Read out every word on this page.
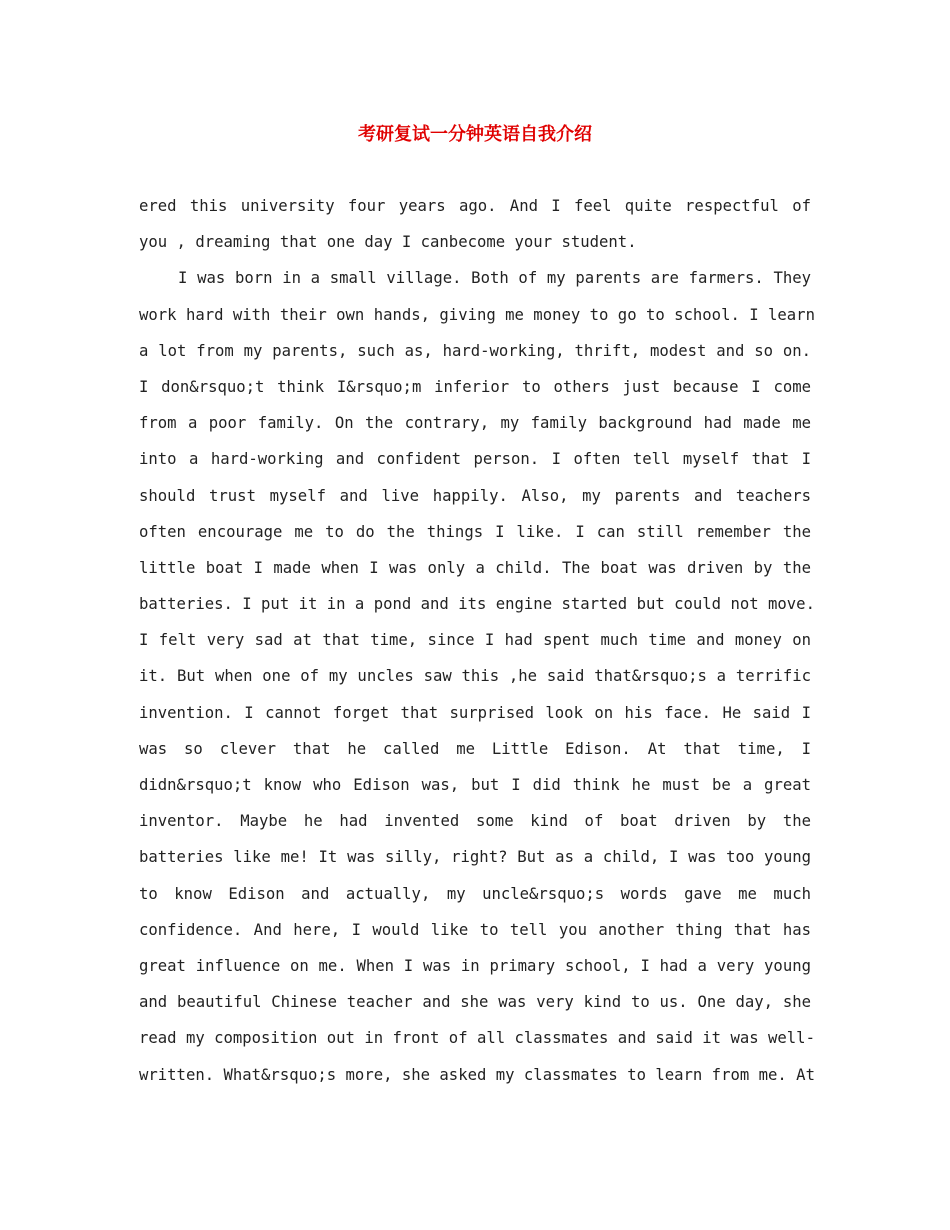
考研复试一分钟英语自我介绍
ered this university four years ago. And I feel quite respectful of
you , dreaming that one day I canbecome your student.
I was born in a small village. Both of my parents are farmers. They
work hard with their own hands, giving me money to go to school. I learn
a lot from my parents, such as, hard-working, thrift, modest and so on.
I don&rsquo;t think I&rsquo;m inferior to others just because I come
from a poor family. On the contrary, my family background had made me
into a hard-working and confident person. I often tell myself that I
should trust myself and live happily. Also, my parents and teachers
often encourage me to do the things I like. I can still remember the
little boat I made when I was only a child. The boat was driven by the
batteries. I put it in a pond and its engine started but could not move.
I felt very sad at that time, since I had spent much time and money on
it. But when one of my uncles saw this ,he said that&rsquo;s a terrific
invention. I cannot forget that surprised look on his face. He said I
was so clever that he called me Little Edison. At that time, I
didn&rsquo;t know who Edison was, but I did think he must be a great
inventor. Maybe he had invented some kind of boat driven by the
batteries like me! It was silly, right? But as a child, I was too young
to know Edison and actually, my uncle&rsquo;s words gave me much
confidence. And here, I would like to tell you another thing that has
great influence on me. When I was in primary school, I had a very young
and beautiful Chinese teacher and she was very kind to us. One day, she
read my composition out in front of all classmates and said it was well-
written. What&rsquo;s more, she asked my classmates to learn from me. At
